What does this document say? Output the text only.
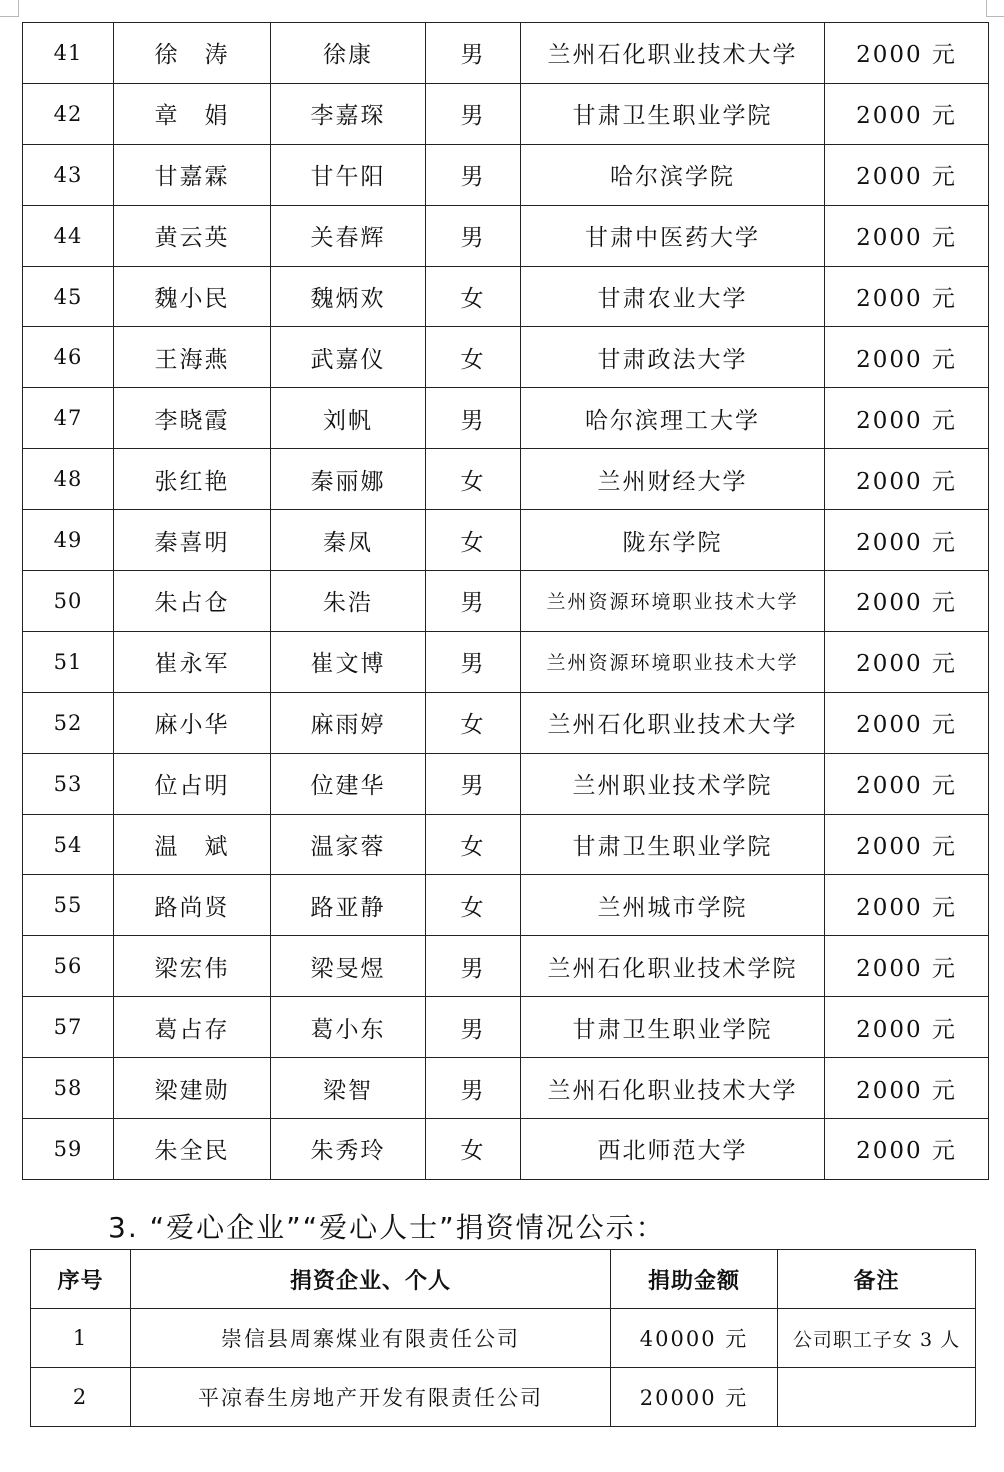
41	徐　涛	徐康	男	兰州石化职业技术大学	2000 元
42	章　娟	李嘉琛	男	甘肃卫生职业学院	2000 元
43	甘嘉霖	甘午阳	男	哈尔滨学院	2000 元
44	黄云英	关春辉	男	甘肃中医药大学	2000 元
45	魏小民	魏炳欢	女	甘肃农业大学	2000 元
46	王海燕	武嘉仪	女	甘肃政法大学	2000 元
47	李晓霞	刘帆	男	哈尔滨理工大学	2000 元
48	张红艳	秦丽娜	女	兰州财经大学	2000 元
49	秦喜明	秦凤	女	陇东学院	2000 元
50	朱占仓	朱浩	男	兰州资源环境职业技术大学	2000 元
51	崔永军	崔文博	男	兰州资源环境职业技术大学	2000 元
52	麻小华	麻雨婷	女	兰州石化职业技术大学	2000 元
53	位占明	位建华	男	兰州职业技术学院	2000 元
54	温　斌	温家蓉	女	甘肃卫生职业学院	2000 元
55	路尚贤	路亚静	女	兰州城市学院	2000 元
56	梁宏伟	梁旻煜	男	兰州石化职业技术学院	2000 元
57	葛占存	葛小东	男	甘肃卫生职业学院	2000 元
58	梁建勋	梁智	男	兰州石化职业技术大学	2000 元
59	朱全民	朱秀玲	女	西北师范大学	2000 元
3. “爱心企业”“爱心人士”捐资情况公示：
序号	捐资企业、个人	捐助金额	备注
1	崇信县周寨煤业有限责任公司	40000 元	公司职工子女 3 人
2	平凉春生房地产开发有限责任公司	20000 元	
